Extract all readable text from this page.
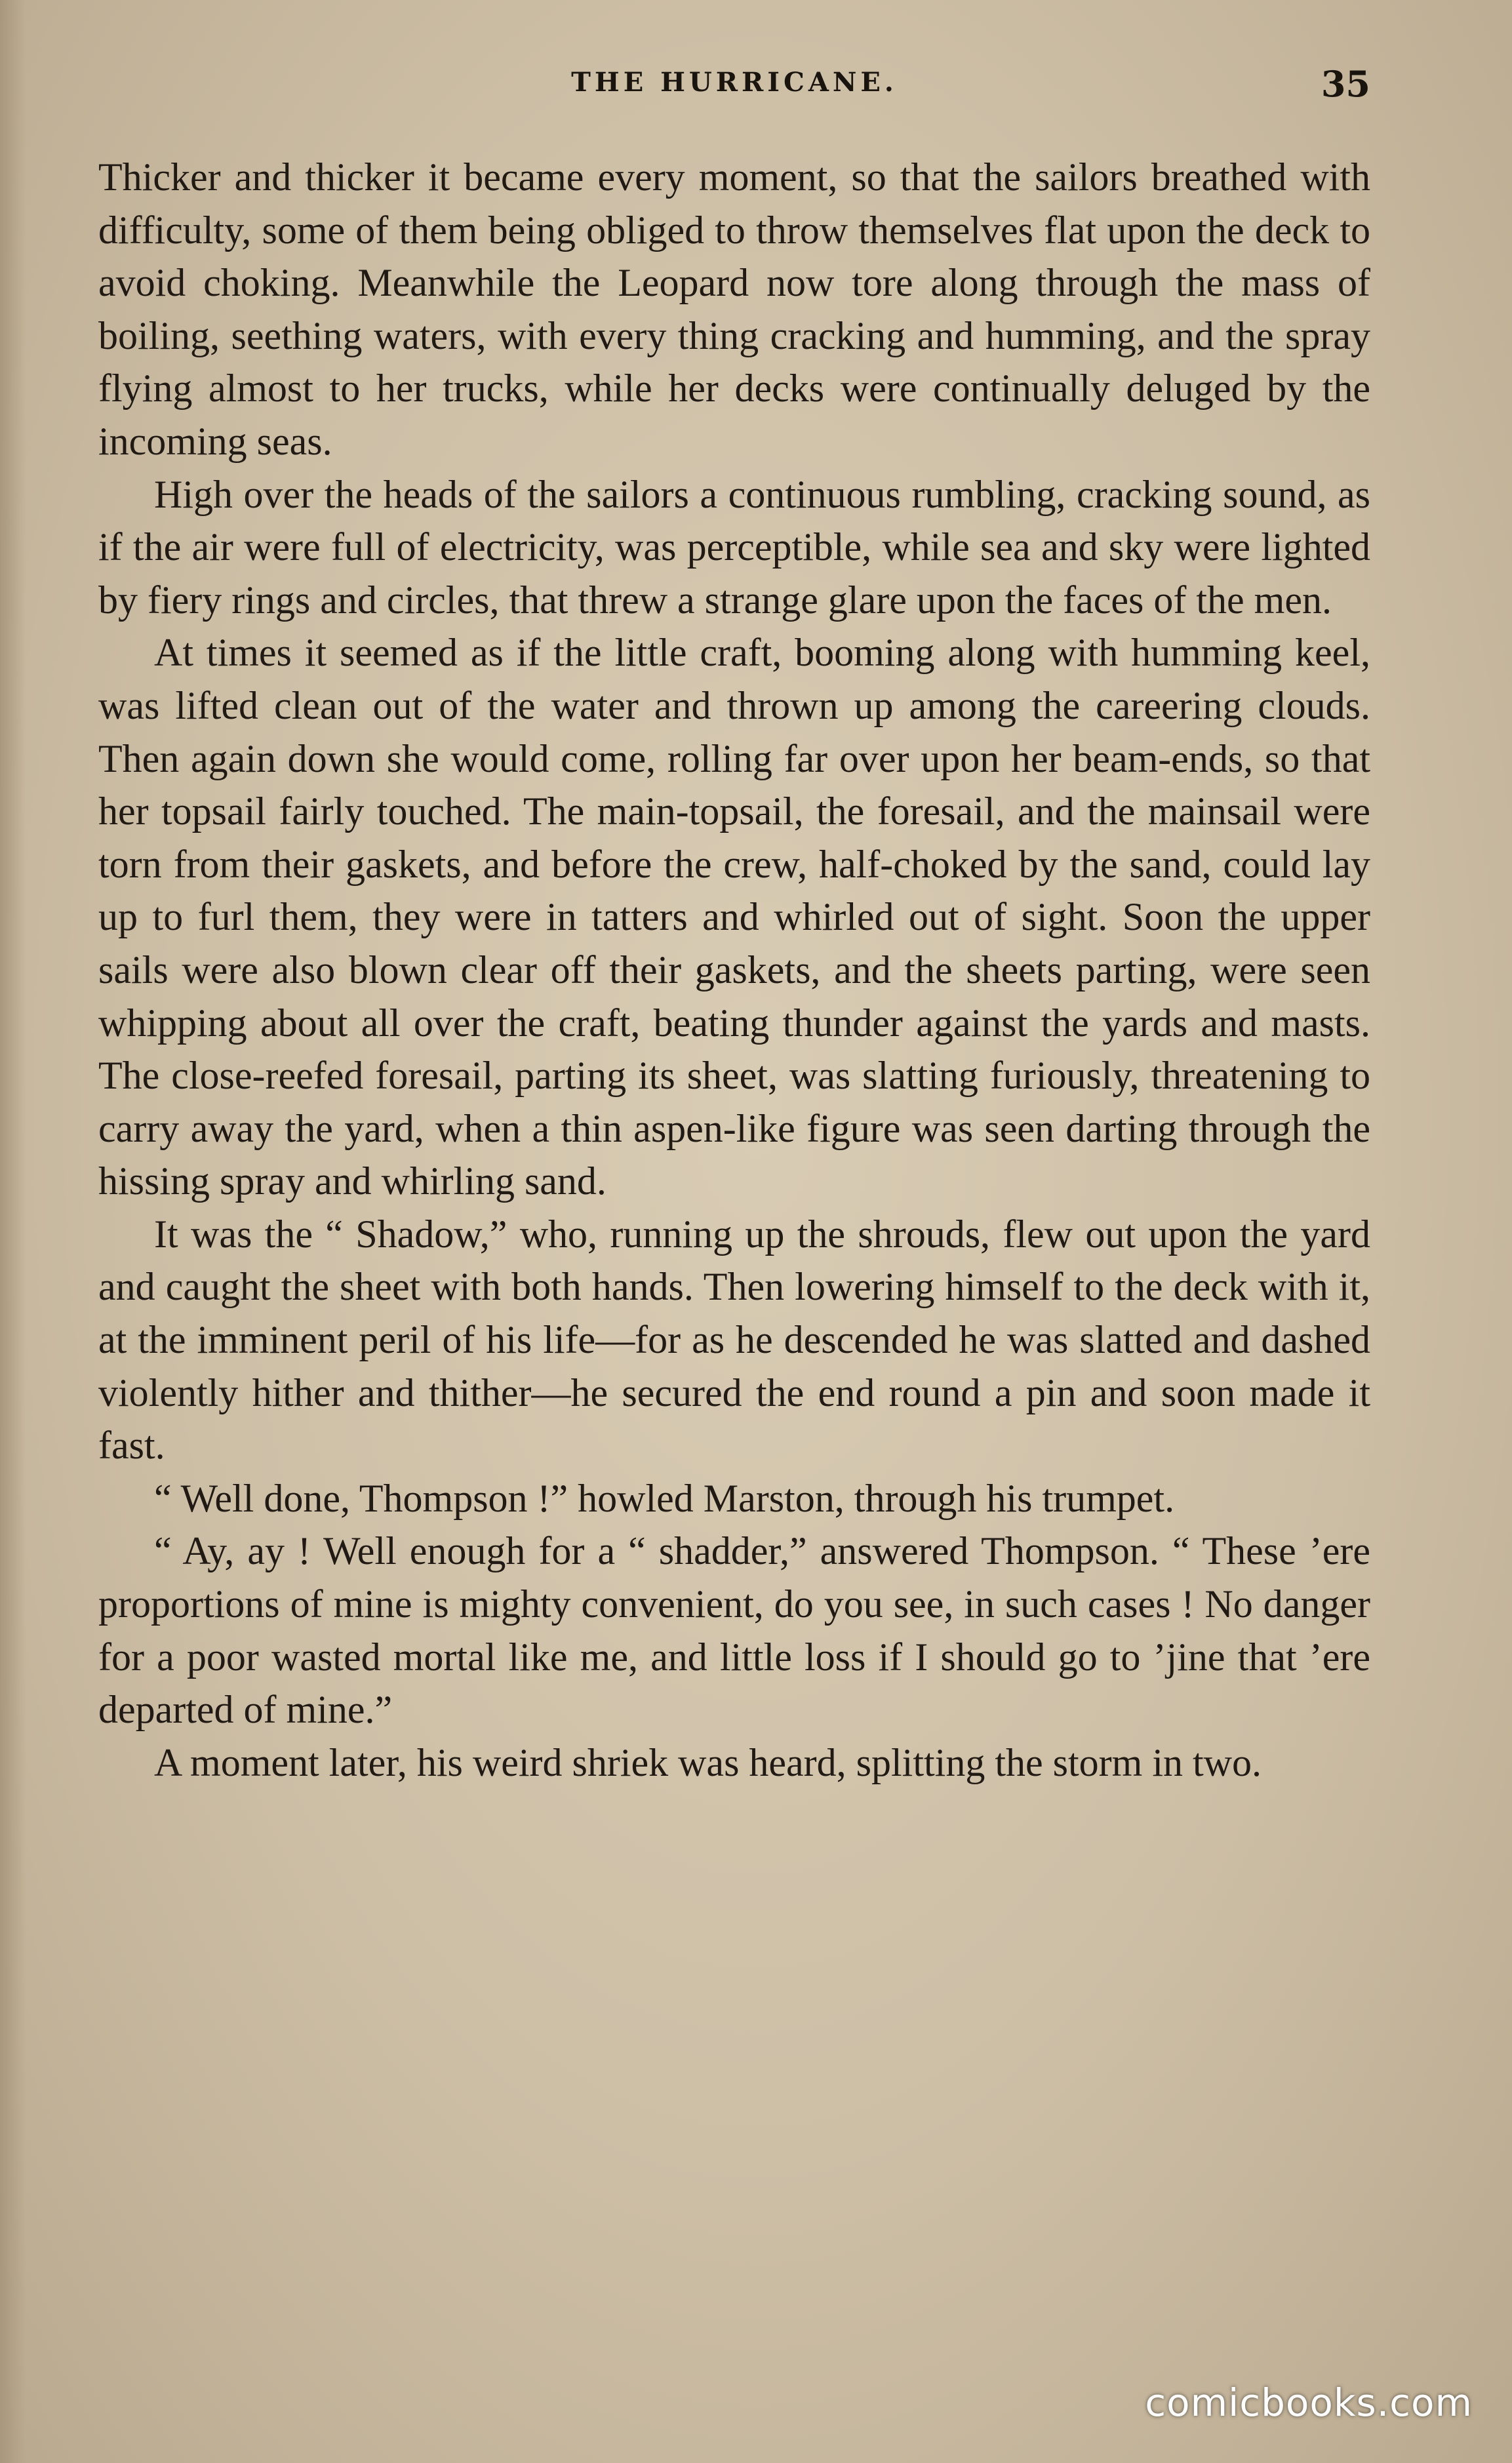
THE HURRICANE.	35

Thicker and thicker it became every moment, so that the sailors breathed with difficulty, some of them being obliged to throw themselves flat upon the deck to avoid choking. Meanwhile the Leopard now tore along through the mass of boiling, seething waters, with every thing cracking and humming, and the spray flying almost to her trucks, while her decks were continually deluged by the incoming seas.

High over the heads of the sailors a continuous rumbling, cracking sound, as if the air were full of electricity, was perceptible, while sea and sky were lighted by fiery rings and circles, that threw a strange glare upon the faces of the men.

At times it seemed as if the little craft, booming along with humming keel, was lifted clean out of the water and thrown up among the careering clouds. Then again down she would come, rolling far over upon her beam-ends, so that her topsail fairly touched. The main-topsail, the foresail, and the mainsail were torn from their gaskets, and before the crew, half-choked by the sand, could lay up to furl them, they were in tatters and whirled out of sight. Soon the upper sails were also blown clear off their gaskets, and the sheets parting, were seen whipping about all over the craft, beating thunder against the yards and masts. The close-reefed foresail, parting its sheet, was slatting furiously, threatening to carry away the yard, when a thin aspen-like figure was seen darting through the hissing spray and whirling sand.

It was the “ Shadow,” who, running up the shrouds, flew out upon the yard and caught the sheet with both hands. Then lowering himself to the deck with it, at the imminent peril of his life—for as he descended he was slatted and dashed violently hither and thither—he secured the end round a pin and soon made it fast.

“ Well done, Thompson !” howled Marston, through his trumpet.

“ Ay, ay ! Well enough for a “ shadder,” answered Thompson. “ These ’ere proportions of mine is mighty convenient, do you see, in such cases ! No danger for a poor wasted mortal like me, and little loss if I should go to ’jine that ’ere departed of mine.”

A moment later, his weird shriek was heard, splitting the storm in two.

comicbooks.com
